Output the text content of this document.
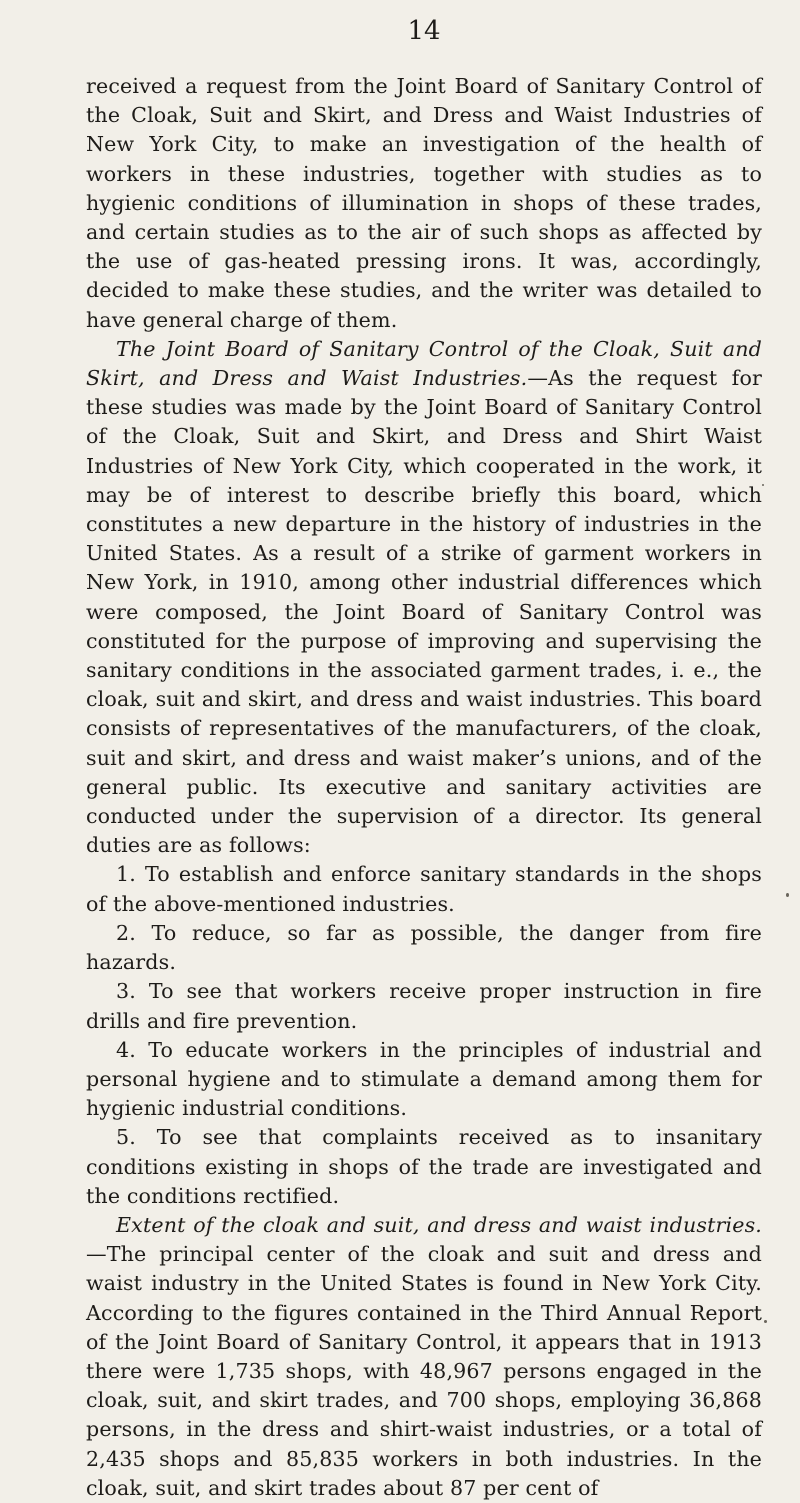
14

received a request from the Joint Board of Sanitary Control of the Cloak, Suit and Skirt, and Dress and Waist Industries of New York City, to make an investigation of the health of workers in these industries, together with studies as to hygienic conditions of illumination in shops of these trades, and certain studies as to the air of such shops as affected by the use of gas-heated pressing irons. It was, accordingly, decided to make these studies, and the writer was detailed to have general charge of them.

The Joint Board of Sanitary Control of the Cloak, Suit and Skirt, and Dress and Waist Industries.—As the request for these studies was made by the Joint Board of Sanitary Control of the Cloak, Suit and Skirt, and Dress and Shirt Waist Industries of New York City, which cooperated in the work, it may be of interest to describe briefly this board, which constitutes a new departure in the history of industries in the United States. As a result of a strike of garment workers in New York, in 1910, among other industrial differences which were composed, the Joint Board of Sanitary Control was constituted for the purpose of improving and supervising the sanitary conditions in the associated garment trades, i. e., the cloak, suit and skirt, and dress and waist industries. This board consists of representatives of the manufacturers, of the cloak, suit and skirt, and dress and waist maker’s unions, and of the general public. Its executive and sanitary activities are conducted under the supervision of a director. Its general duties are as follows:

1. To establish and enforce sanitary standards in the shops of the above-mentioned industries.

2. To reduce, so far as possible, the danger from fire hazards.

3. To see that workers receive proper instruction in fire drills and fire prevention.

4. To educate workers in the principles of industrial and personal hygiene and to stimulate a demand among them for hygienic industrial conditions.

5. To see that complaints received as to insanitary conditions existing in shops of the trade are investigated and the conditions rectified.

Extent of the cloak and suit, and dress and waist industries.—The principal center of the cloak and suit and dress and waist industry in the United States is found in New York City. According to the figures contained in the Third Annual Report of the Joint Board of Sanitary Control, it appears that in 1913 there were 1,735 shops, with 48,967 persons engaged in the cloak, suit, and skirt trades, and 700 shops, employing 36,868 persons, in the dress and shirt-waist industries, or a total of 2,435 shops and 85,835 workers in both industries. In the cloak, suit, and skirt trades about 87 per cent of
